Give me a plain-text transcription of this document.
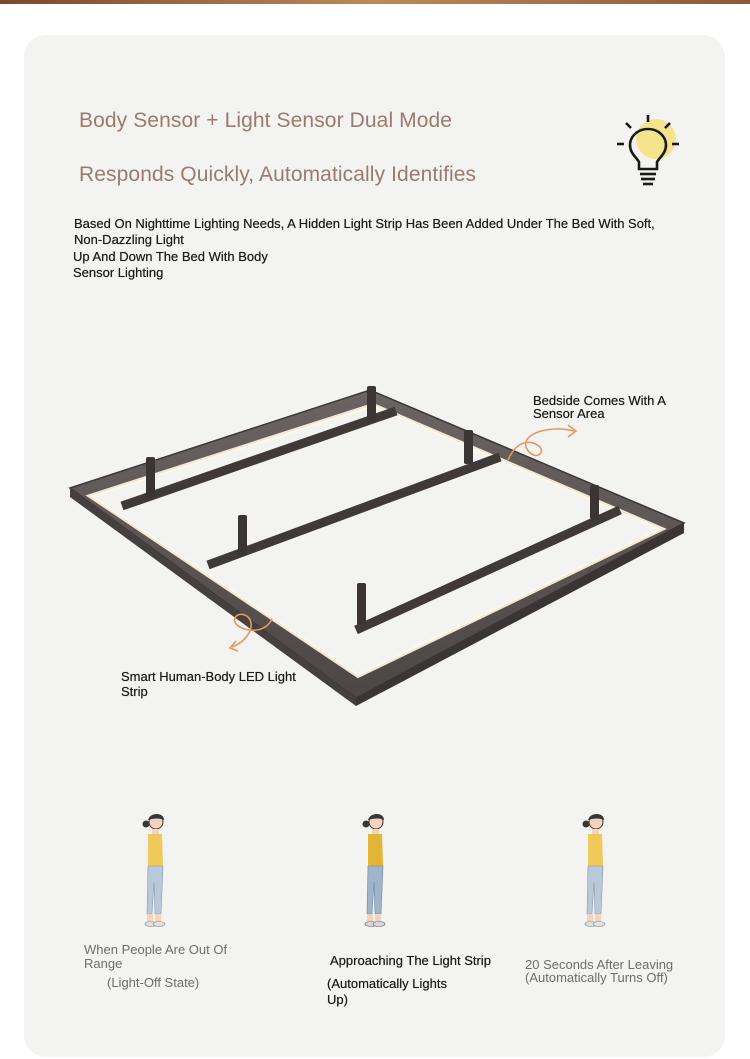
Body Sensor + Light Sensor Dual Mode
Responds Quickly, Automatically Identifies
Based On Nighttime Lighting Needs, A Hidden Light Strip Has Been Added Under The Bed With Soft, Non-Dazzling Light
Up And Down The Bed With Body Sensor Lighting
Bedside Comes With A Sensor Area
Smart Human-Body LED Light Strip
When People Are Out Of Range
(Light-Off State)
Approaching The Light Strip
(Automatically Lights Up)
20 Seconds After Leaving (Automatically Turns Off)
